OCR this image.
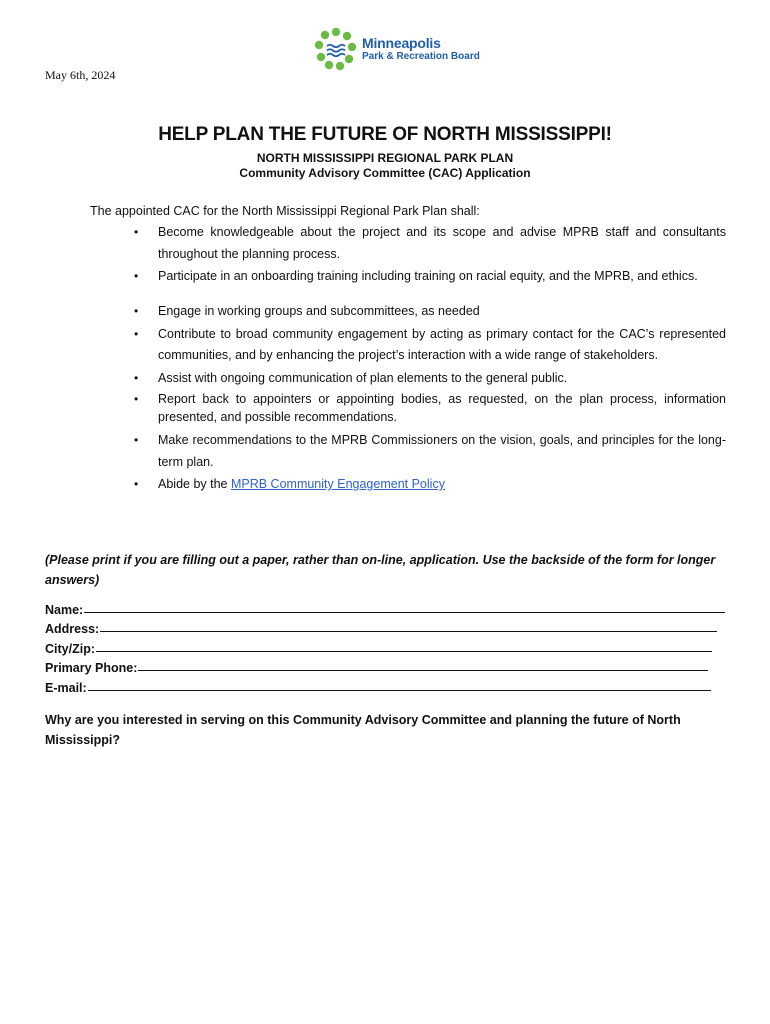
Minneapolis
Park & Recreation Board
May 6th, 2024
HELP PLAN THE FUTURE OF NORTH MISSISSIPPI!
NORTH MISSISSIPPI REGIONAL PARK PLAN
Community Advisory Committee (CAC) Application
The appointed CAC for the North Mississippi Regional Park Plan shall:
• Become knowledgeable about the project and its scope and advise MPRB staff and consultants throughout the planning process.
• Participate in an onboarding training including training on racial equity, and the MPRB, and ethics.
• Engage in working groups and subcommittees, as needed
• Contribute to broad community engagement by acting as primary contact for the CAC’s represented communities, and by enhancing the project’s interaction with a wide range of stakeholders.
• Assist with ongoing communication of plan elements to the general public.
• Report back to appointers or appointing bodies, as requested, on the plan process, information presented, and possible recommendations.
• Make recommendations to the MPRB Commissioners on the vision, goals, and principles for the long-term plan.
• Abide by the MPRB Community Engagement Policy
(Please print if you are filling out a paper, rather than on-line, application. Use the backside of the form for longer answers)
Name:
Address:
City/Zip:
Primary Phone:
E-mail:
Why are you interested in serving on this Community Advisory Committee and planning the future of North Mississippi?
